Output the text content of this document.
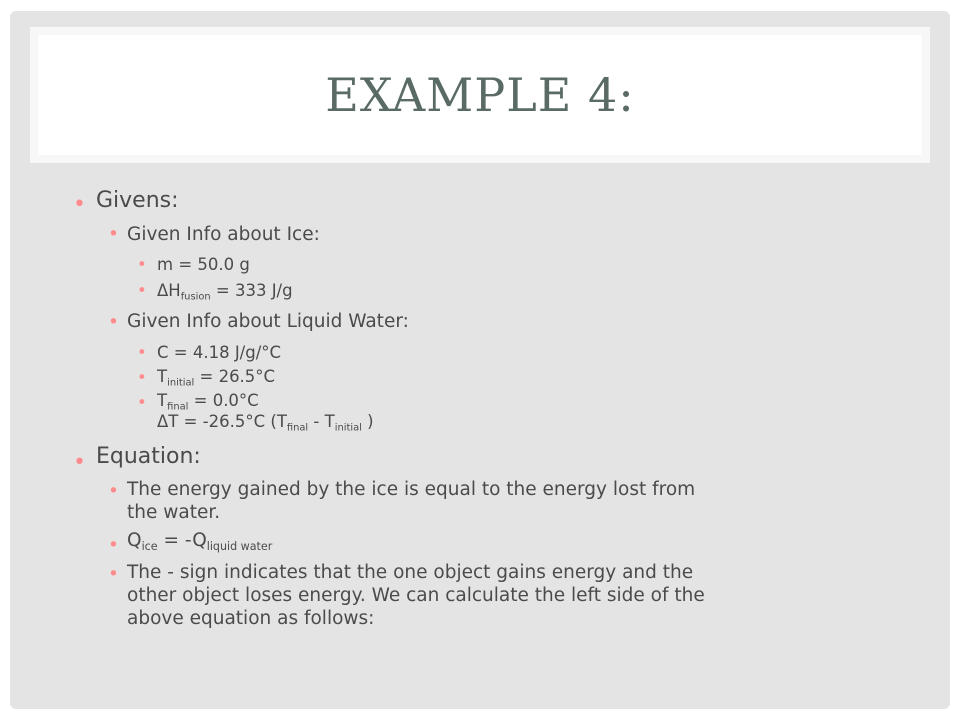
EXAMPLE 4:
• Givens:
• Given Info about Ice:
• m = 50.0 g
• $\Delta H_{fusion} = 333$ J/g
• Given Info about Liquid Water:
• C = 4.18 J/g/°C
• $T_{initial} = 26.5^\circ C$
• $T_{final} = 0.0^\circ C$
ΔT = -26.5°C ($T_{final} - T_{initial}$ )
• Equation:
• The energy gained by the ice is equal to the energy lost from
the water.
• $Q_{ice} = -Q_{liquid water}$
• The - sign indicates that the one object gains energy and the
other object loses energy. We can calculate the left side of the
above equation as follows:
